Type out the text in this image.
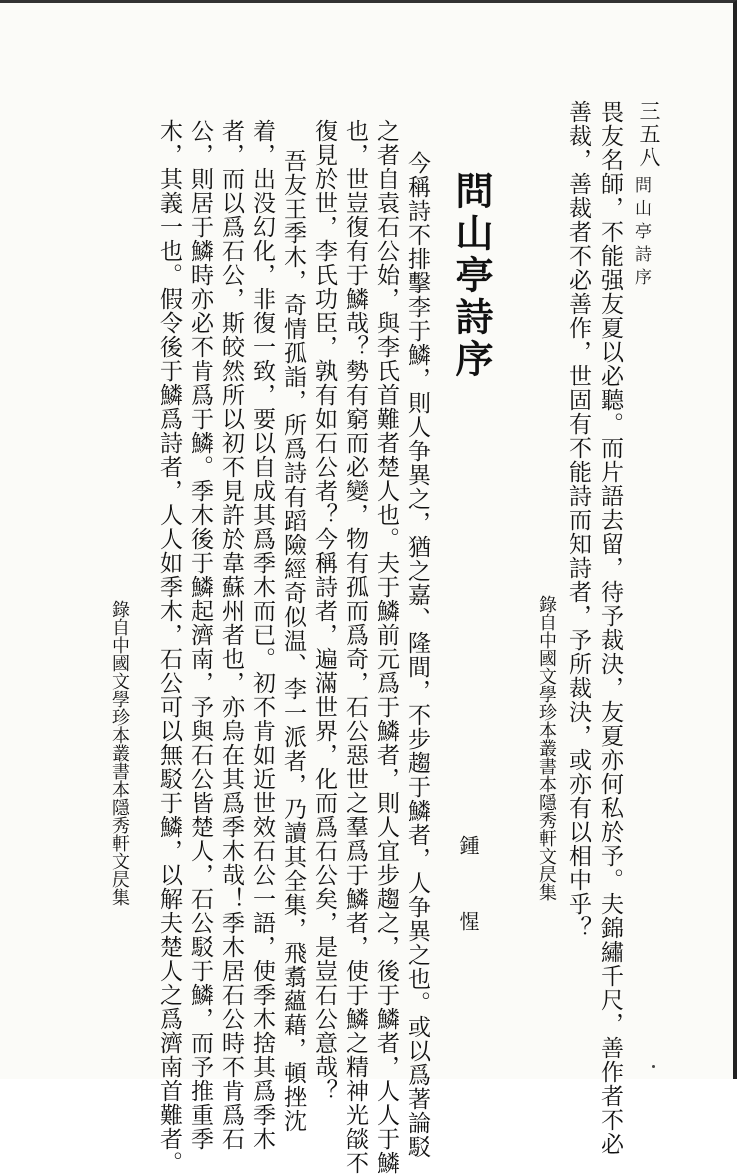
三五八
、問山亭詩序
畏友名師，不能强友夏以必聽。而片語去留，待予裁決，友夏亦何私於予。夫錦繡千尺，善作者不必
善裁，善裁者不必善作，世固有不能詩而知詩者，予所裁決，或亦有以相中乎？
錄自中國文學珍本叢書本隱秀軒文昃集
問山亭詩序
鍾　惺
今稱詩不排擊李于鱗，則人争異之，猶之嘉、隆間，不步趨于鱗者，人争異之也。或以爲著論駁
之者自袁石公始，與李氏首難者楚人也。夫于鱗前元爲于鱗者，則人宜步趨之，後于鱗者，人人于鱗
也，世豈復有于鱗哉？勢有窮而必變，物有孤而爲奇，石公惡世之羣爲于鱗者，使于鱗之精神光燄不
復見於世，李氏功臣，孰有如石公者？今稱詩者，遍滿世界，化而爲石公矣，是豈石公意哉？
吾友王季木，奇情孤詣，所爲詩有蹈險經奇似温、李一派者，乃讀其全集，飛翥蘊藉，頓挫沈
着，出没幻化，非復一致，要以自成其爲季木而已。初不肯如近世效石公一語，使季木捨其爲季木
者，而以爲石公，斯皎然所以初不見許於韋蘇州者也，亦烏在其爲季木哉！季木居石公時不肯爲石
公，則居于鱗時亦必不肯爲于鱗。季木後于鱗起濟南，予與石公皆楚人，石公駁于鱗，而予推重季
木，其義一也。假令後于鱗爲詩者，人人如季木，石公可以無駁于鱗，以解夫楚人之爲濟南首難者。
錄自中國文學珍本叢書本隱秀軒文昃集
